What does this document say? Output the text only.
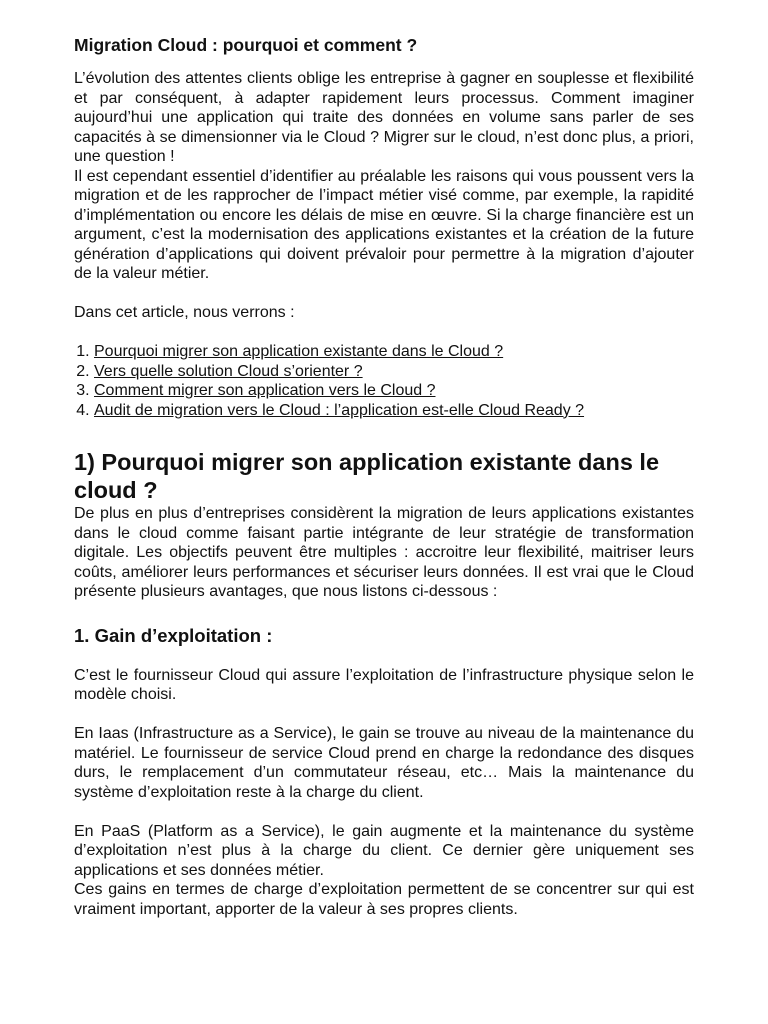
Migration Cloud : pourquoi et comment ?

L’évolution des attentes clients oblige les entreprise à gagner en souplesse et flexibilité et par conséquent, à adapter rapidement leurs processus. Comment imaginer aujourd’hui une application qui traite des données en volume sans parler de ses capacités à se dimensionner via le Cloud ? Migrer sur le cloud, n’est donc plus, a priori, une question !

Il est cependant essentiel d’identifier au préalable les raisons qui vous poussent vers la migration et de les rapprocher de l’impact métier visé comme, par exemple, la rapidité d’implémentation ou encore les délais de mise en œuvre. Si la charge financière est un argument, c’est la modernisation des applications existantes et la création de la future génération d’applications qui doivent prévaloir pour permettre à la migration d’ajouter de la valeur métier.

Dans cet article, nous verrons :

1. Pourquoi migrer son application existante dans le Cloud ?
2. Vers quelle solution Cloud s’orienter ?
3. Comment migrer son application vers le Cloud ?
4. Audit de migration vers le Cloud : l’application est-elle Cloud Ready ?
1) Pourquoi migrer son application existante dans le cloud ?

De plus en plus d’entreprises considèrent la migration de leurs applications existantes dans le cloud comme faisant partie intégrante de leur stratégie de transformation digitale. Les objectifs peuvent être multiples : accroitre leur flexibilité, maitriser leurs coûts, améliorer leurs performances et sécuriser leurs données. Il est vrai que le Cloud présente plusieurs avantages, que nous listons ci-dessous :

1. Gain d’exploitation :

C’est le fournisseur Cloud qui assure l’exploitation de l’infrastructure physique selon le modèle choisi.

En Iaas (Infrastructure as a Service), le gain se trouve au niveau de la maintenance du matériel. Le fournisseur de service Cloud prend en charge la redondance des disques durs, le remplacement d’un commutateur réseau, etc… Mais la maintenance du système d’exploitation reste à la charge du client.

En PaaS (Platform as a Service), le gain augmente et la maintenance du système d’exploitation n’est plus à la charge du client. Ce dernier gère uniquement ses applications et ses données métier.

Ces gains en termes de charge d’exploitation permettent de se concentrer sur qui est vraiment important, apporter de la valeur à ses propres clients.
